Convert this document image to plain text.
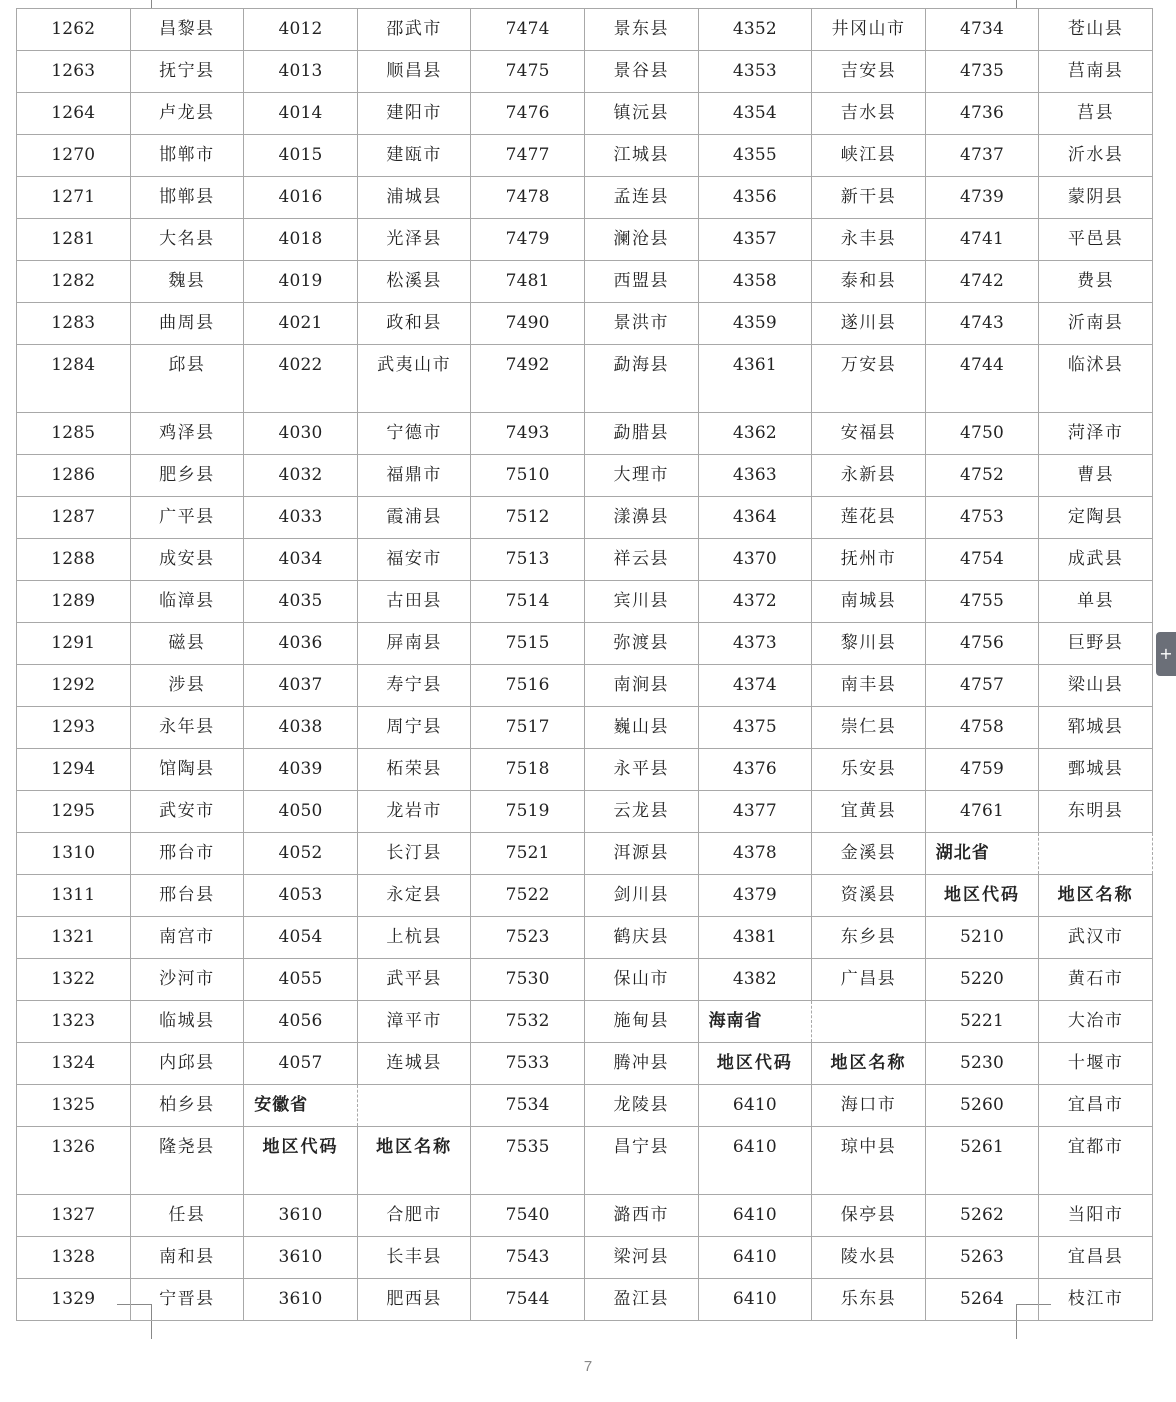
1262	昌黎县	4012	邵武市	7474	景东县	4352	井冈山市	4734	苍山县
1263	抚宁县	4013	顺昌县	7475	景谷县	4353	吉安县	4735	莒南县
1264	卢龙县	4014	建阳市	7476	镇沅县	4354	吉水县	4736	莒县
1270	邯郸市	4015	建瓯市	7477	江城县	4355	峡江县	4737	沂水县
1271	邯郸县	4016	浦城县	7478	孟连县	4356	新干县	4739	蒙阴县
1281	大名县	4018	光泽县	7479	澜沧县	4357	永丰县	4741	平邑县
1282	魏县	4019	松溪县	7481	西盟县	4358	泰和县	4742	费县
1283	曲周县	4021	政和县	7490	景洪市	4359	遂川县	4743	沂南县
1284	邱县	4022	武夷山市	7492	勐海县	4361	万安县	4744	临沭县
1285	鸡泽县	4030	宁德市	7493	勐腊县	4362	安福县	4750	菏泽市
1286	肥乡县	4032	福鼎市	7510	大理市	4363	永新县	4752	曹县
1287	广平县	4033	霞浦县	7512	漾濞县	4364	莲花县	4753	定陶县
1288	成安县	4034	福安市	7513	祥云县	4370	抚州市	4754	成武县
1289	临漳县	4035	古田县	7514	宾川县	4372	南城县	4755	单县
1291	磁县	4036	屏南县	7515	弥渡县	4373	黎川县	4756	巨野县
1292	涉县	4037	寿宁县	7516	南涧县	4374	南丰县	4757	梁山县
1293	永年县	4038	周宁县	7517	巍山县	4375	崇仁县	4758	郓城县
1294	馆陶县	4039	柘荣县	7518	永平县	4376	乐安县	4759	鄄城县
1295	武安市	4050	龙岩市	7519	云龙县	4377	宜黄县	4761	东明县
1310	邢台市	4052	长汀县	7521	洱源县	4378	金溪县	湖北省	
1311	邢台县	4053	永定县	7522	剑川县	4379	资溪县	地区代码	地区名称
1321	南宫市	4054	上杭县	7523	鹤庆县	4381	东乡县	5210	武汉市
1322	沙河市	4055	武平县	7530	保山市	4382	广昌县	5220	黄石市
1323	临城县	4056	漳平市	7532	施甸县	海南省		5221	大冶市
1324	内邱县	4057	连城县	7533	腾冲县	地区代码	地区名称	5230	十堰市
1325	柏乡县	安徽省		7534	龙陵县	6410	海口市	5260	宜昌市
1326	隆尧县	地区代码	地区名称	7535	昌宁县	6410	琼中县	5261	宜都市
1327	任县	3610	合肥市	7540	潞西市	6410	保亭县	5262	当阳市
1328	南和县	3610	长丰县	7543	梁河县	6410	陵水县	5263	宜昌县
1329	宁晋县	3610	肥西县	7544	盈江县	6410	乐东县	5264	枝江市
+
7
